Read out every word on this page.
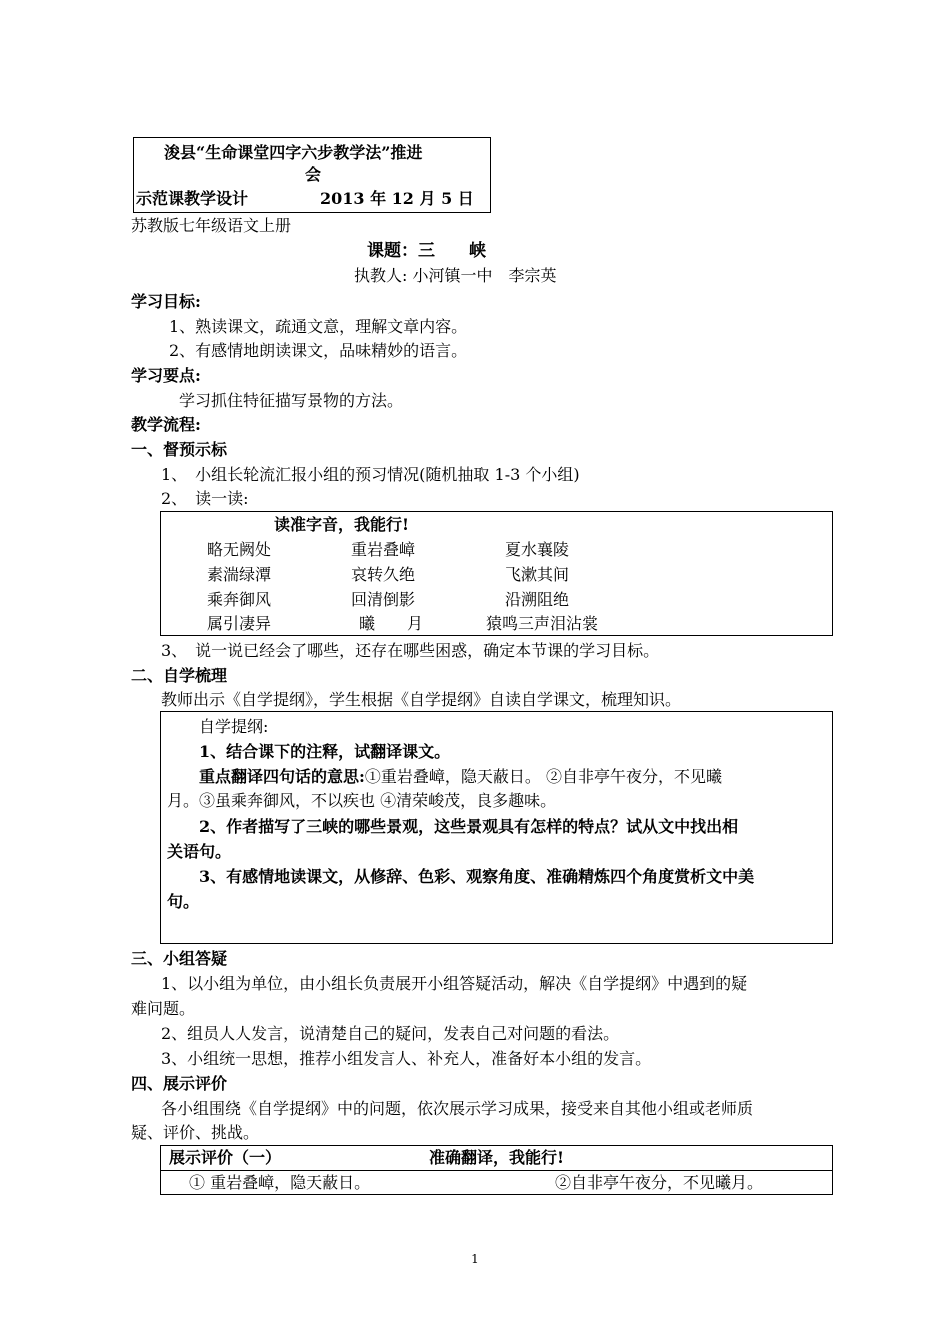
浚县“生命课堂四字六步教学法”推进
会
示范课教学设计	2013 年 12 月 5 日
苏教版七年级语文上册
课题：三　　峡
执教人: 小河镇一中　李宗英
学习目标:
1、熟读课文，疏通文意，理解文章内容。
2、有感情地朗读课文，品味精妙的语言。
学习要点:
学习抓住特征描写景物的方法。
教学流程:
一、督预示标
1、　小组长轮流汇报小组的预习情况(随机抽取 1-3 个小组)
2、　读一读:
读准字音，我能行!
略无阙处	重岩叠嶂	夏水襄陵
素湍绿潭	哀转久绝	飞漱其间
乘奔御风	回清倒影	沿溯阻绝
属引凄异	曦　　月	猿鸣三声泪沾裳
3、　说一说已经会了哪些，还存在哪些困惑，确定本节课的学习目标。
二、自学梳理
教师出示《自学提纲》，学生根据《自学提纲》自读自学课文，梳理知识。
自学提纲:
1、结合课下的注释，试翻译课文。
重点翻译四句话的意思:①重岩叠嶂，隐天蔽日。 ②自非亭午夜分，不见曦
月。③虽乘奔御风，不以疾也 ④清荣峻茂，良多趣味。
2、作者描写了三峡的哪些景观，这些景观具有怎样的特点？试从文中找出相
关语句。
3、有感情地读课文，从修辞、色彩、观察角度、准确精炼四个角度赏析文中美
句。
三、小组答疑
1、以小组为单位，由小组长负责展开小组答疑活动，解决《自学提纲》中遇到的疑
难问题。
2、组员人人发言，说清楚自己的疑问，发表自己对问题的看法。
3、小组统一思想，推荐小组发言人、补充人，准备好本小组的发言。
四、展示评价
各小组围绕《自学提纲》中的问题，依次展示学习成果，接受来自其他小组或老师质
疑、评价、挑战。
展示评价（一）	准确翻译，我能行!
① 重岩叠嶂，隐天蔽日。	②自非亭午夜分，不见曦月。
1
